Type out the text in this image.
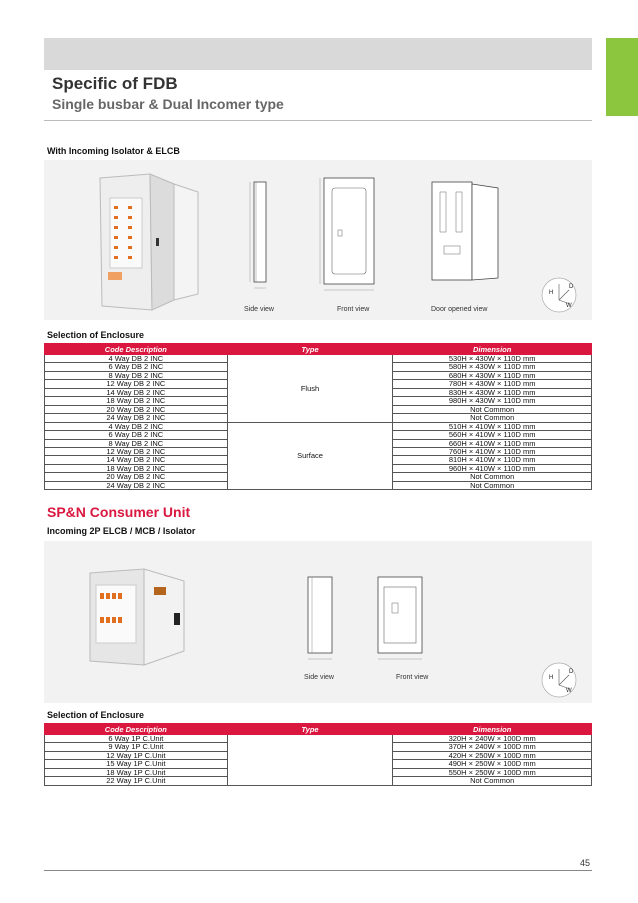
Specific of FDB
Single busbar & Dual Incomer type
With Incoming Isolator & ELCB
Side view	Front view	Door opened view
H
W
D
Selection of Enclosure
Code Description	Type	Dimension
4 Way DB 2 INC	Flush	530H × 430W × 110D mm
6 Way DB 2 INC		580H × 430W × 110D mm
8 Way DB 2 INC		680H × 430W × 110D mm
12 Way DB 2 INC		780H × 430W × 110D mm
14 Way DB 2 INC		830H × 430W × 110D mm
18 Way DB 2 INC		980H × 430W × 110D mm
20 Way DB 2 INC		Not Common
24 Way DB 2 INC		Not Common
4 Way DB 2 INC	Surface	510H × 410W × 110D mm
6 Way DB 2 INC		560H × 410W × 110D mm
8 Way DB 2 INC		660H × 410W × 110D mm
12 Way DB 2 INC		760H × 410W × 110D mm
14 Way DB 2 INC		810H × 410W × 110D mm
18 Way DB 2 INC		960H × 410W × 110D mm
20 Way DB 2 INC		Not Common
24 Way DB 2 INC		Not Common
SP&N Consumer Unit
Incoming 2P ELCB / MCB / Isolator
Side view	Front view	H
W
D
Selection of Enclosure
Code Description	Type	Dimension
6 Way 1P C.Unit		320H × 240W × 100D mm
9 Way 1P C.Unit		370H × 240W × 100D mm
12 Way 1P C.Unit		420H × 250W × 100D mm
15 Way 1P C.Unit		490H × 250W × 100D mm
18 Way 1P C.Unit		550H × 250W × 100D mm
22 Way 1P C.Unit		Not Common
45
